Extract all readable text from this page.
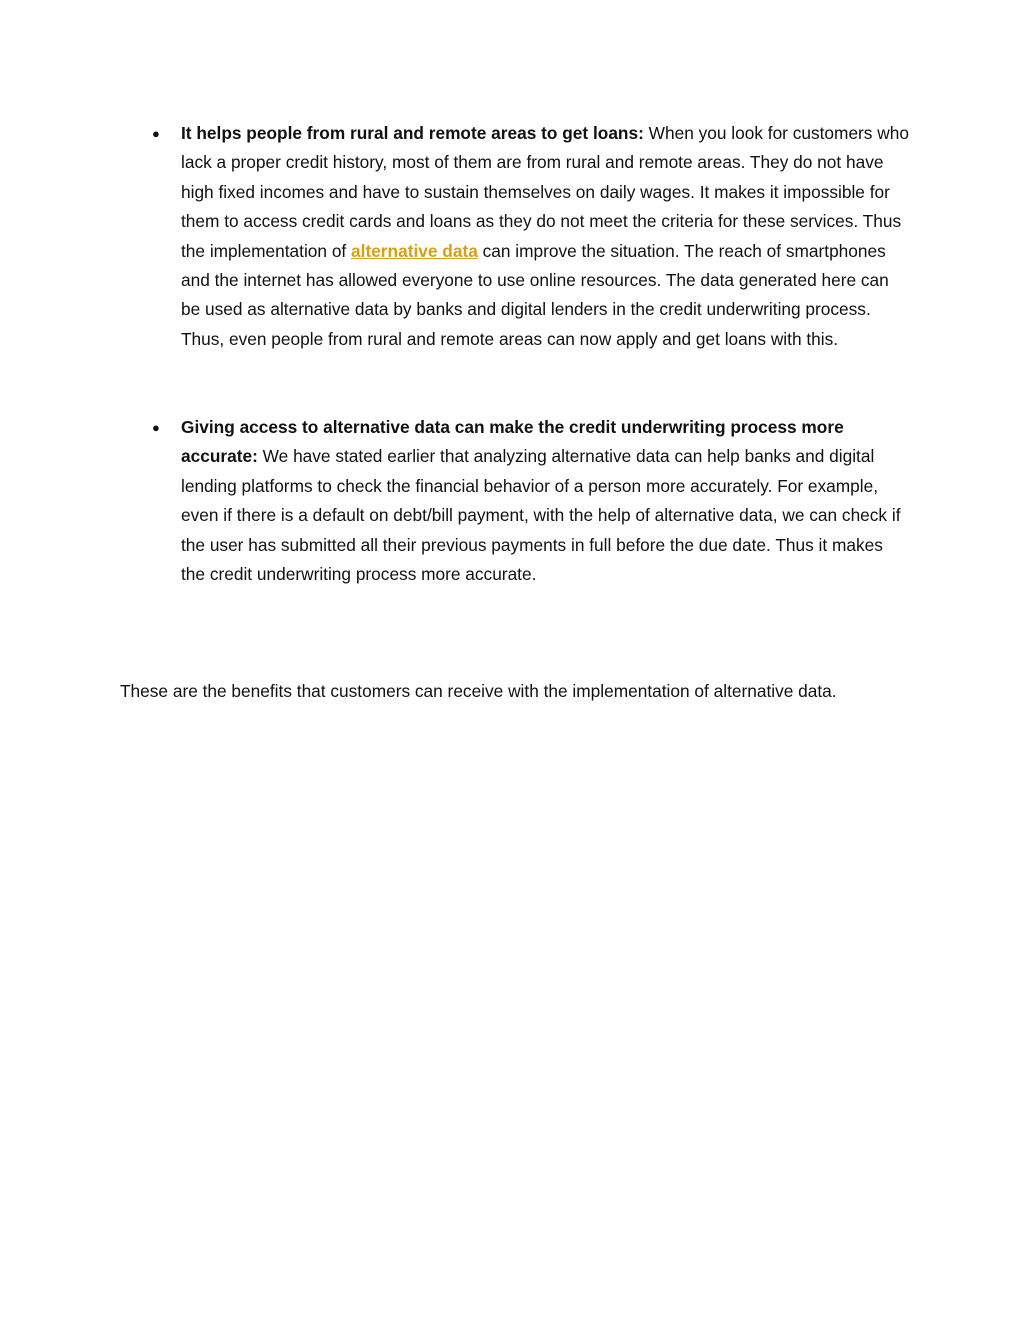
● It helps people from rural and remote areas to get loans: When you look for customers who lack a proper credit history, most of them are from rural and remote areas. They do not have high fixed incomes and have to sustain themselves on daily wages. It makes it impossible for them to access credit cards and loans as they do not meet the criteria for these services. Thus the implementation of alternative data can improve the situation. The reach of smartphones and the internet has allowed everyone to use online resources. The data generated here can be used as alternative data by banks and digital lenders in the credit underwriting process. Thus, even people from rural and remote areas can now apply and get loans with this.
● Giving access to alternative data can make the credit underwriting process more accurate: We have stated earlier that analyzing alternative data can help banks and digital lending platforms to check the financial behavior of a person more accurately. For example, even if there is a default on debt/bill payment, with the help of alternative data, we can check if the user has submitted all their previous payments in full before the due date. Thus it makes the credit underwriting process more accurate.

These are the benefits that customers can receive with the implementation of alternative data.
